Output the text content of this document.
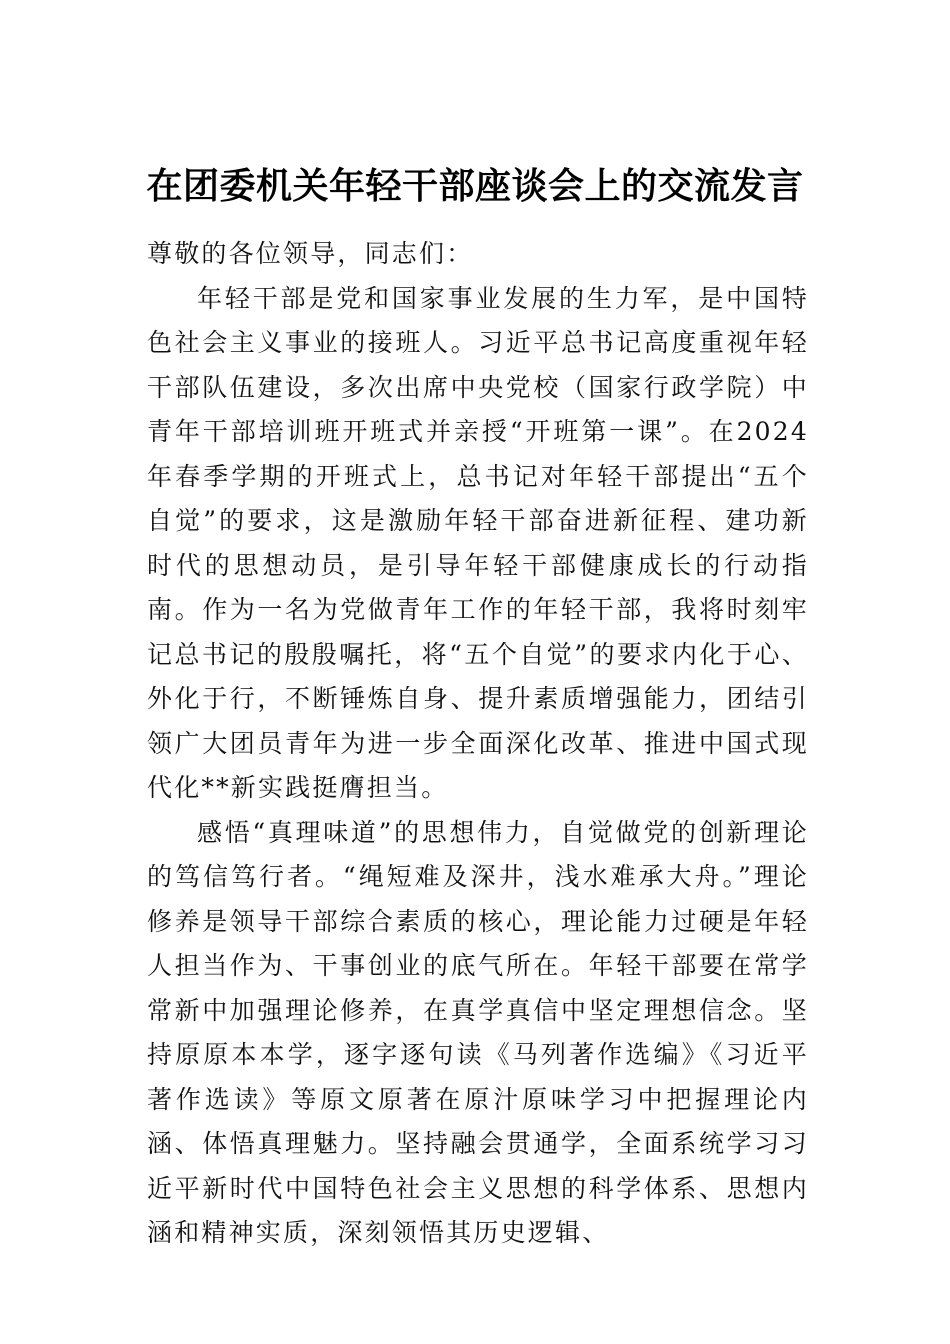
在团委机关年轻干部座谈会上的交流发言

尊敬的各位领导，同志们：

年轻干部是党和国家事业发展的生力军，是中国特色社会主义事业的接班人。习近平总书记高度重视年轻干部队伍建设，多次出席中央党校（国家行政学院）中青年干部培训班开班式并亲授“开班第一课”。在2024年春季学期的开班式上，总书记对年轻干部提出“五个自觉”的要求，这是激励年轻干部奋进新征程、建功新时代的思想动员，是引导年轻干部健康成长的行动指南。作为一名为党做青年工作的年轻干部，我将时刻牢记总书记的殷殷嘱托，将“五个自觉”的要求内化于心、外化于行，不断锤炼自身、提升素质增强能力，团结引领广大团员青年为进一步全面深化改革、推进中国式现代化**新实践挺膺担当。

感悟“真理味道”的思想伟力，自觉做党的创新理论的笃信笃行者。“绳短难及深井，浅水难承大舟。”理论修养是领导干部综合素质的核心，理论能力过硬是年轻人担当作为、干事创业的底气所在。年轻干部要在常学常新中加强理论修养，在真学真信中坚定理想信念。坚持原原本本学，逐字逐句读《马列著作选编》《习近平著作选读》等原文原著在原汁原味学习中把握理论内涵、体悟真理魅力。坚持融会贯通学，全面系统学习习近平新时代中国特色社会主义思想的科学体系、思想内涵和精神实质，深刻领悟其历史逻辑、
